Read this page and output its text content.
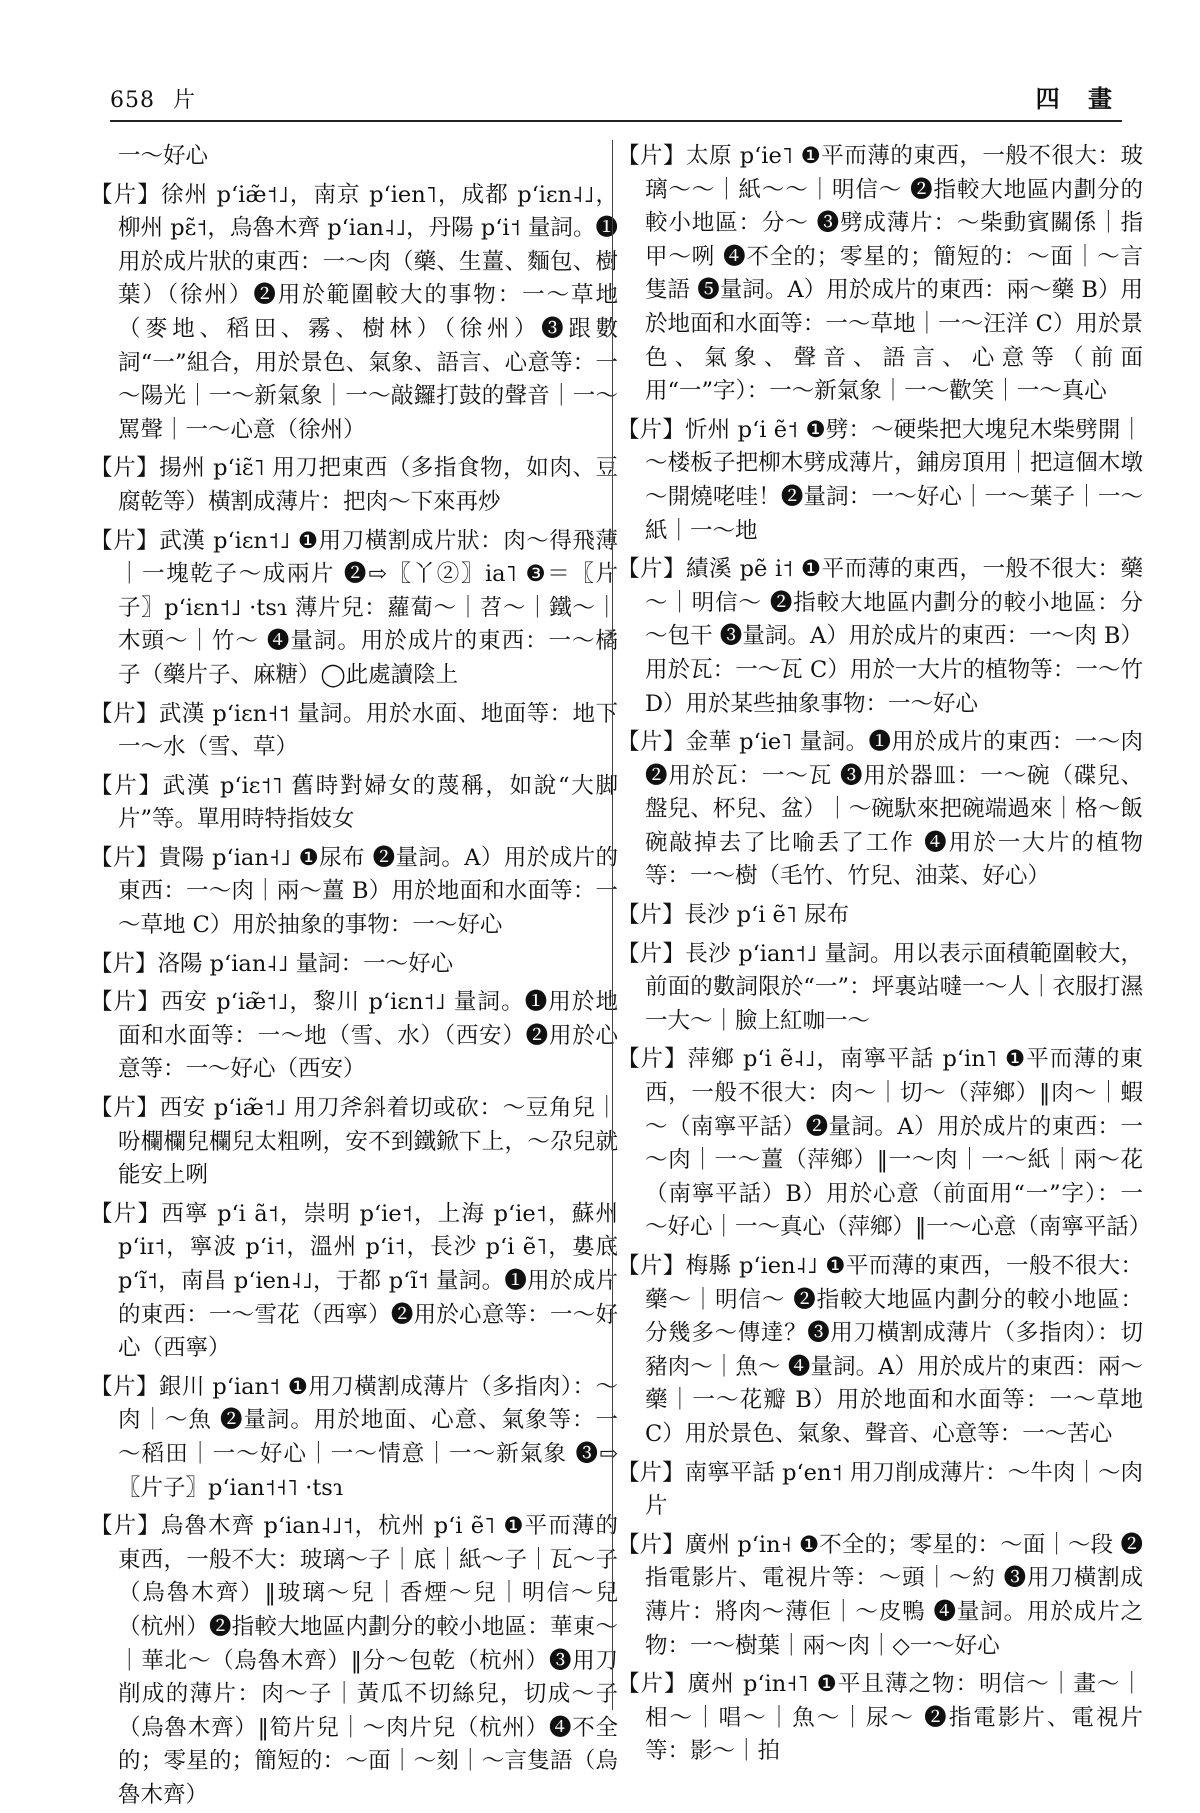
658 片	四 畫

一～好心

【片】徐州 pʻiæ̃˦˩，南京 pʻien˥，成都 pʻiɛn˨˩，柳州 pɛ̃˦，烏魯木齊 pʻian˨˩，丹陽 pʻi˦ 量詞。❶用於成片狀的東西：一～肉（藥、生薑、麵包、樹葉）（徐州）❷用於範圍較大的事物：一～草地（麥地、稻田、霧、樹林）（徐州）❸跟數詞“一”組合，用於景色、氣象、語言、心意等：一～陽光｜一～新氣象｜一～敲鑼打鼓的聲音｜一～罵聲｜一～心意（徐州）

【片】揚州 pʻiɛ̃˥ 用刀把東西（多指食物，如肉、豆腐乾等）橫割成薄片：把肉～下來再炒

【片】武漢 pʻiɛn˦˩ ❶用刀橫割成片狀：肉～得飛薄｜一塊乾子～成兩片 ❷⇨〖丫②〗ia˥ ❸＝〖片子〗pʻiɛn˦˩ ·tsɿ 薄片兒：蘿蔔～｜苕～｜鐵～｜木頭～｜竹～ ❹量詞。用於成片的東西：一～橘子（藥片子、麻糖）◯此處讀陰上

【片】武漢 pʻiɛn˧˦ 量詞。用於水面、地面等：地下一～水（雪、草）

【片】武漢 pʻiɛ˦˥ 舊時對婦女的蔑稱，如說“大脚片”等。單用時特指妓女

【片】貴陽 pʻian˧˩ ❶尿布 ❷量詞。A）用於成片的東西：一～肉｜兩～薑 B）用於地面和水面等：一～草地 C）用於抽象的事物：一～好心

【片】洛陽 pʻian˨˩ 量詞：一～好心

【片】西安 pʻiæ̃˦˩，黎川 pʻiɛn˦˩ 量詞。❶用於地面和水面等：一～地（雪、水）（西安）❷用於心意等：一～好心（西安）

【片】西安 pʻiæ̃˦˩ 用刀斧斜着切或砍：～豆角兒｜吩欄欄兒欄兒太粗咧，安不到鐵鍁下上，～尕兒就能安上咧

【片】西寧 pʻi ã˦，崇明 pʻie˦，上海 pʻie˦，蘇州 pʻiɪ˦，寧波 pʻi˦，溫州 pʻi˦，長沙 pʻi ẽ˥，婁底 pʻĩ˦，南昌 pʻien˨˩，于都 pʻĩ˦ 量詞。❶用於成片的東西：一～雪花（西寧）❷用於心意等：一～好心（西寧）

【片】銀川 pʻian˦ ❶用刀橫割成薄片（多指肉）：～肉｜～魚 ❷量詞。用於地面、心意、氣象等：一～稻田｜一～好心｜一～情意｜一～新氣象 ❸⇨〖片子〗pʻian˦˧˥ ·tsɿ

【片】烏魯木齊 pʻian˨˩˦，杭州 pʻi ẽ˥ ❶平而薄的東西，一般不大：玻璃～子｜底｜紙～子｜瓦～子（烏魯木齊）‖玻璃～兒｜香煙～兒｜明信～兒（杭州）❷指較大地區内劃分的較小地區：華東～｜華北～（烏魯木齊）‖分～包乾（杭州）❸用刀削成的薄片：肉～子｜黃瓜不切絲兒，切成～子（烏魯木齊）‖筍片兒｜～肉片兒（杭州）❹不全的；零星的；簡短的：～面｜～刻｜～言隻語（烏魯木齊）

【片】太原 pʻie˥ ❶平而薄的東西，一般不很大：玻璃～～｜紙～～｜明信～ ❷指較大地區内劃分的較小地區：分～ ❸劈成薄片：～柴動賓關係｜指甲～咧 ❹不全的；零星的；簡短的：～面｜～言隻語 ❺量詞。A）用於成片的東西：兩～藥 B）用於地面和水面等：一～草地｜一～汪洋 C）用於景色、氣象、聲音、語言、心意等（前面用“一”字）：一～新氣象｜一～歡笑｜一～真心

【片】忻州 pʻi ẽ˦ ❶劈：～硬柴把大塊兒木柴劈開｜～楼板子把柳木劈成薄片，鋪房頂用｜把這個木墩～開燒咾哇！❷量詞：一～好心｜一～葉子｜一～紙｜一～地

【片】績溪 pẽ i˦ ❶平而薄的東西，一般不很大：藥～｜明信～ ❷指較大地區内劃分的較小地區：分～包干 ❸量詞。A）用於成片的東西：一～肉 B）用於瓦：一～瓦 C）用於一大片的植物等：一～竹 D）用於某些抽象事物：一～好心

【片】金華 pʻie˥ 量詞。❶用於成片的東西：一～肉 ❷用於瓦：一～瓦 ❸用於器皿：一～碗（碟兒、盤兒、杯兒、盆）｜～碗馱來把碗端過來｜格～飯碗敲掉去了比喻丢了工作 ❹用於一大片的植物等：一～樹（毛竹、竹兒、油菜、好心）

【片】長沙 pʻi ẽ˥ 尿布

【片】長沙 pʻian˦˩ 量詞。用以表示面積範圍較大，前面的數詞限於“一”：坪裏站噠一～人｜衣服打濕一大～｜臉上紅咖一～

【片】萍鄉 pʻi ẽ˨˩，南寧平話 pʻin˥ ❶平而薄的東西，一般不很大：肉～｜切～（萍鄉）‖肉～｜蝦～（南寧平話）❷量詞。A）用於成片的東西：一～肉｜一～薑（萍鄉）‖一～肉｜一～紙｜兩～花（南寧平話）B）用於心意（前面用“一”字）：一～好心｜一～真心（萍鄉）‖一～心意（南寧平話）

【片】梅縣 pʻien˨˩ ❶平而薄的東西，一般不很大：藥～｜明信～ ❷指較大地區内劃分的較小地區：分幾多～傳達？❸用刀橫割成薄片（多指肉）：切豬肉～｜魚～ ❹量詞。A）用於成片的東西：兩～藥｜一～花瓣 B）用於地面和水面等：一～草地 C）用於景色、氣象、聲音、心意等：一～苦心

【片】南寧平話 pʻen˦ 用刀削成薄片：～牛肉｜～肉片

【片】廣州 pʻin˧ ❶不全的；零星的：～面｜～段 ❷指電影片、電視片等：～頭｜～約 ❸用刀橫割成薄片：將肉～薄佢｜～皮鴨 ❹量詞。用於成片之物：一～樹葉｜兩～肉｜◇一～好心

【片】廣州 pʻin˧˥ ❶平且薄之物：明信～｜畫～｜相～｜唱～｜魚～｜尿～ ❷指電影片、電視片等：影～｜拍
